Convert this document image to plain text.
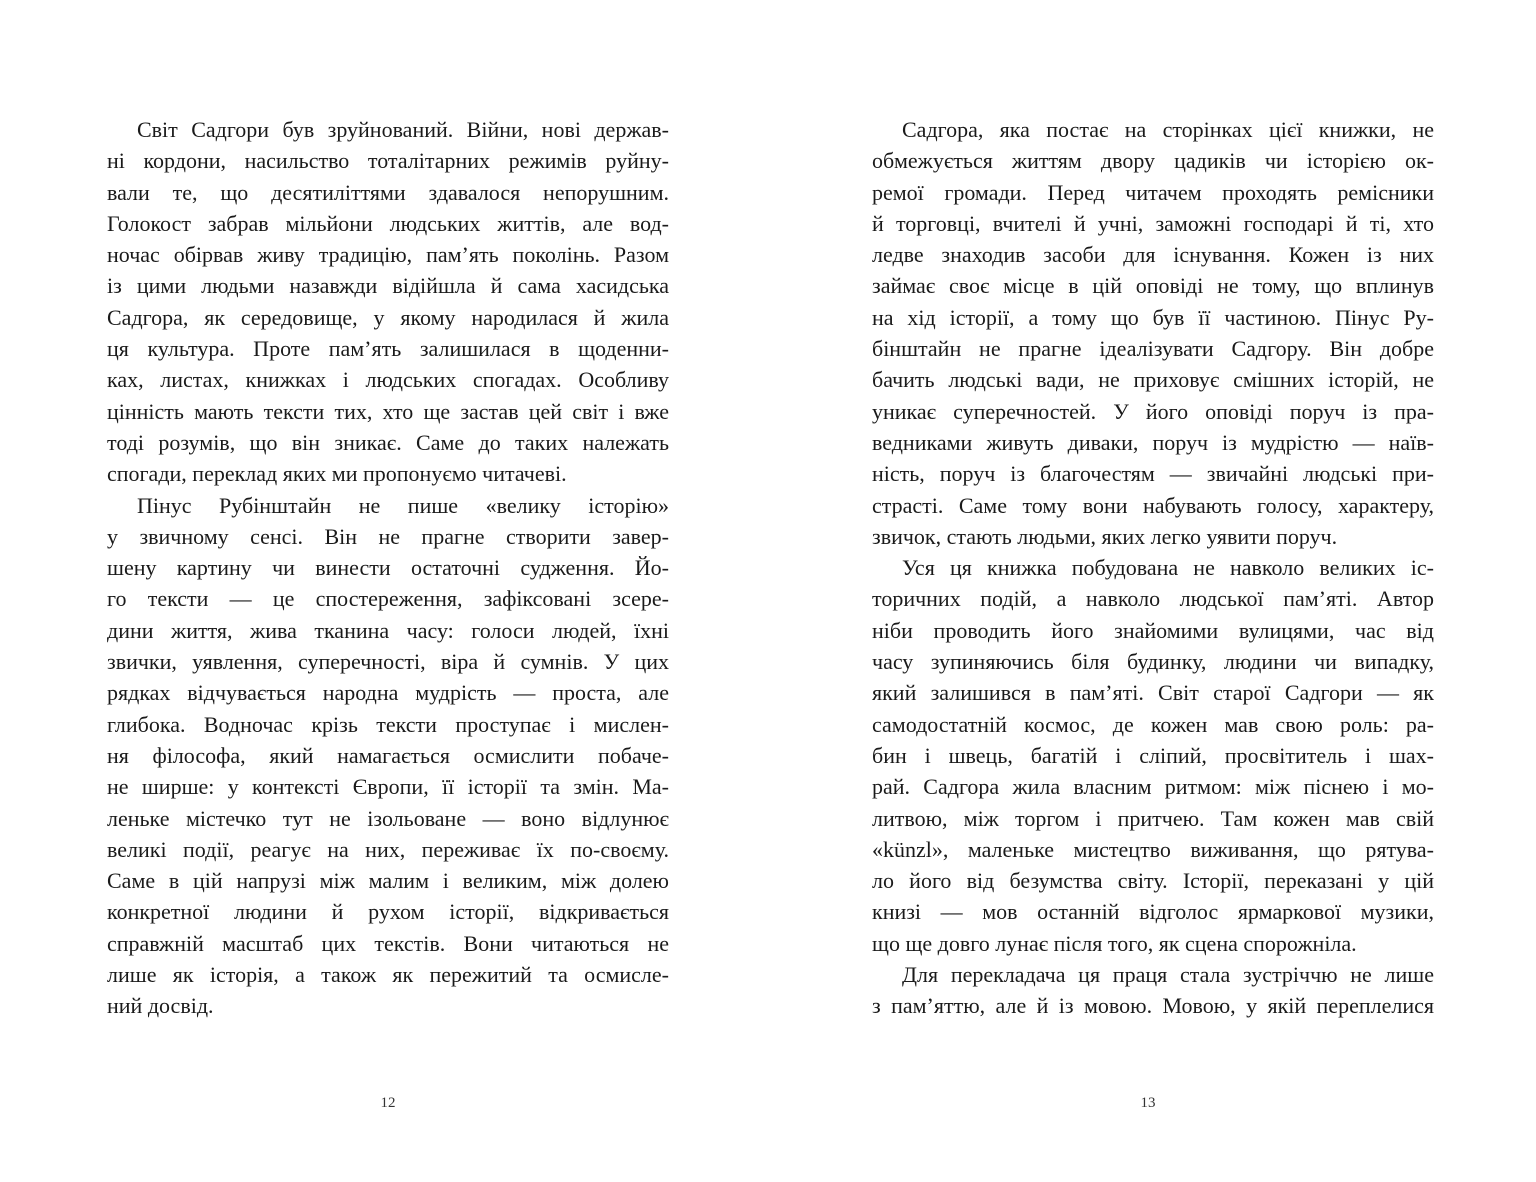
Світ Садгори був зруйнований. Війни, нові держав-
ні кордони, насильство тоталітарних режимів руйну-
вали те, що десятиліттями здавалося непорушним.
Голокост забрав мільйони людських життів, але вод-
ночас обірвав живу традицію, пам’ять поколінь. Разом
із цими людьми назавжди відійшла й сама хасидська
Садгора, як середовище, у якому народилася й жила
ця культура. Проте пам’ять залишилася в щоденни-
ках, листах, книжках і людських спогадах. Особливу
цінність мають тексти тих, хто ще застав цей світ і вже
тоді розумів, що він зникає. Саме до таких належать
спогади, переклад яких ми пропонуємо читачеві.
Пінус Рубінштайн не пише «велику історію»
у звичному сенсі. Він не прагне створити завер-
шену картину чи винести остаточні судження. Йо-
го тексти — це спостереження, зафіксовані зсере-
дини життя, жива тканина часу: голоси людей, їхні
звички, уявлення, суперечності, віра й сумнів. У цих
рядках відчувається народна мудрість — проста, але
глибока. Водночас крізь тексти проступає і мислен-
ня філософа, який намагається осмислити побаче-
не ширше: у контексті Європи, її історії та змін. Ма-
леньке містечко тут не ізольоване — воно відлунює
великі події, реагує на них, переживає їх по-своєму.
Саме в цій напрузі між малим і великим, між долею
конкретної людини й рухом історії, відкривається
справжній масштаб цих текстів. Вони читаються не
лише як історія, а також як пережитий та осмисле-
ний досвід.
12
Садгора, яка постає на сторінках цієї книжки, не
обмежується життям двору цадиків чи історією ок-
ремої громади. Перед читачем проходять ремісники
й торговці, вчителі й учні, заможні господарі й ті, хто
ледве знаходив засоби для існування. Кожен із них
займає своє місце в цій оповіді не тому, що вплинув
на хід історії, а тому що був її частиною. Пінус Ру-
бінштайн не прагне ідеалізувати Садгору. Він добре
бачить людські вади, не приховує смішних історій, не
уникає суперечностей. У його оповіді поруч із пра-
ведниками живуть диваки, поруч із мудрістю — наїв-
ність, поруч із благочестям — звичайні людські при-
страсті. Саме тому вони набувають голосу, характеру,
звичок, стають людьми, яких легко уявити поруч.
Уся ця книжка побудована не навколо великих іс-
торичних подій, а навколо людської пам’яті. Автор
ніби проводить його знайомими вулицями, час від
часу зупиняючись біля будинку, людини чи випадку,
який залишився в пам’яті. Світ старої Садгори — як
самодостатній космос, де кожен мав свою роль: ра-
бин і швець, багатій і сліпий, просвітитель і шах-
рай. Садгора жила власним ритмом: між піснею і мо-
литвою, між торгом і притчею. Там кожен мав свій
«künzl», маленьке мистецтво виживання, що рятува-
ло його від безумства світу. Історії, переказані у цій
книзі — мов останній відголос ярмаркової музики,
що ще довго лунає після того, як сцена спорожніла.
Для перекладача ця праця стала зустріччю не лише
з пам’яттю, але й із мовою. Мовою, у якій переплелися
13
